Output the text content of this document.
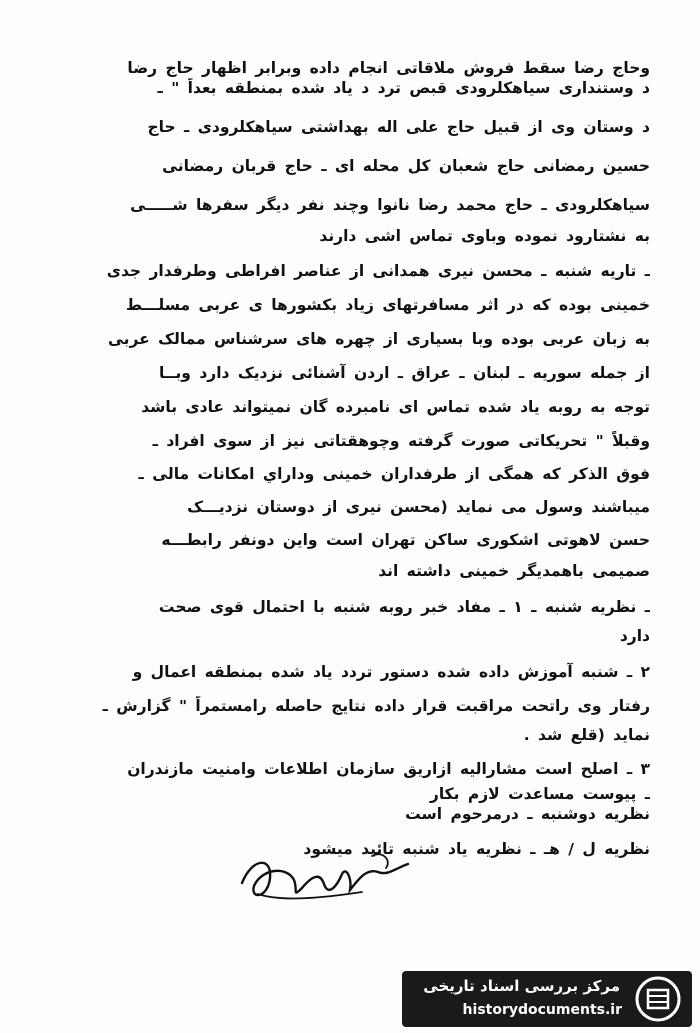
وحاج رضا سقط فروش ملاقاتی انجام داده ‌وبرابر اظهار حاج رضا
د وستنداری سیاهکلرودی قبص ترد د یاد شده بمنطقه بعداً " ـ
د وستان وی از قبیل حاج علی اله بهداشتی سیاهکلرودی ـ حاج
حسین رمضانی حاج شعبان کل محله ای ـ حاج قربان رمضانی
سیاهکلرودی ـ حاج محمد رضا نانوا وچند نفر دیگر سفرها شـــــی
به نشتارود نموده وباوی تماس اشی دارند
ـ تاریه شنبه ـ محسن نیری همدانی از عناصر افراطی وطرفدار جدی
خمینی بوده که در اثر مسافرتهای زیاد بکشورها ی عربی مسلـــط
به زبان عربی بوده وبا بسیاری از چهره های سرشناس ممالک عربی
از جمله سوریه ـ لبنان ـ عراق ـ اردن آشنائی نزدیک دارد وبــا
توجه به روبه یاد شده تماس ای نامبرده گان نمیتواند عادی باشد
وقبلاً " تحریکاتی صورت گرفته وچوهقتاتی نیز از سوی افراد ـ
فوق الذکر که همگی از طرفداران خمینی وداراي امکانات مالی ـ
میباشند وسول می نماید (محسن نیری از دوستان نزدیـــک
حسن لاهوتی اشکوری ساکن تهران است واین دونفر رابطـــه
صمیمی باهمدیگر خمینی داشته اند
ـ نظریه شنبه ـ ۱ ـ مفاد خبر روبه شنبه با احتمال قوی صحت
دارد
۲ ـ شنبه آموزش داده شده دستور تردد یاد شده بمنطقه اعمال و
رفتار وی راتحت مراقبت قرار داده نتایج حاصله رامستمراً " گزارش ـ
نماید (قلع شد .
۳ ـ اصلح است مشارالیه ازاریق سازمان اطلاعات وامنیت مازندران
ـ پیوست مساعدت لازم بکار
نظریه دوشنبه ـ درمرحوم است
نظریه ل / هـ ـ نظریه یاد شنبه تائید میشود
مرکز بررسی اسناد تاریخی
historydocuments.ir
